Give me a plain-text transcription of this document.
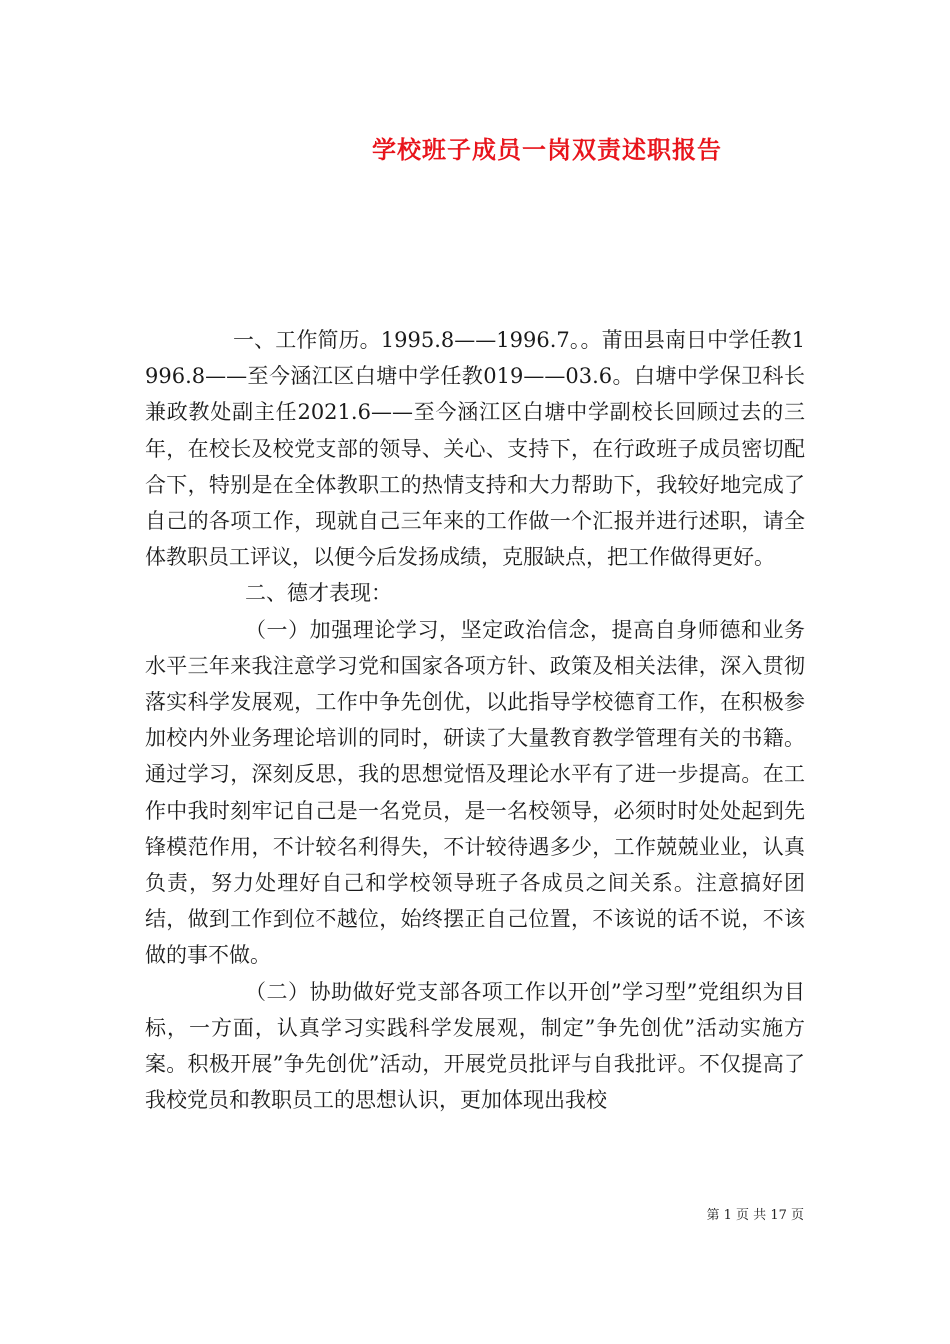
学校班子成员一岗双责述职报告

一、工作简历。1995.8——1996.7。。莆田县南日中学任教1996.8——至今涵江区白塘中学任教019——03.6。白塘中学保卫科长兼政教处副主任2021.6——至今涵江区白塘中学副校长回顾过去的三年，在校长及校党支部的领导、关心、支持下，在行政班子成员密切配合下，特别是在全体教职工的热情支持和大力帮助下，我较好地完成了自己的各项工作，现就自己三年来的工作做一个汇报并进行述职，请全体教职员工评议，以便今后发扬成绩，克服缺点，把工作做得更好。

二、德才表现：

（一）加强理论学习，坚定政治信念，提高自身师德和业务水平三年来我注意学习党和国家各项方针、政策及相关法律，深入贯彻落实科学发展观，工作中争先创优，以此指导学校德育工作，在积极参加校内外业务理论培训的同时，研读了大量教育教学管理有关的书籍。通过学习，深刻反思，我的思想觉悟及理论水平有了进一步提高。在工作中我时刻牢记自己是一名党员，是一名校领导，必须时时处处起到先锋模范作用，不计较名利得失，不计较待遇多少，工作兢兢业业，认真负责，努力处理好自己和学校领导班子各成员之间关系。注意搞好团结，做到工作到位不越位，始终摆正自己位置，不该说的话不说，不该做的事不做。

（二）协助做好党支部各项工作以开创”学习型”党组织为目标，一方面，认真学习实践科学发展观，制定”争先创优”活动实施方案。积极开展”争先创优”活动，开展党员批评与自我批评。不仅提高了我校党员和教职员工的思想认识，更加体现出我校

第 1 页 共 17 页
